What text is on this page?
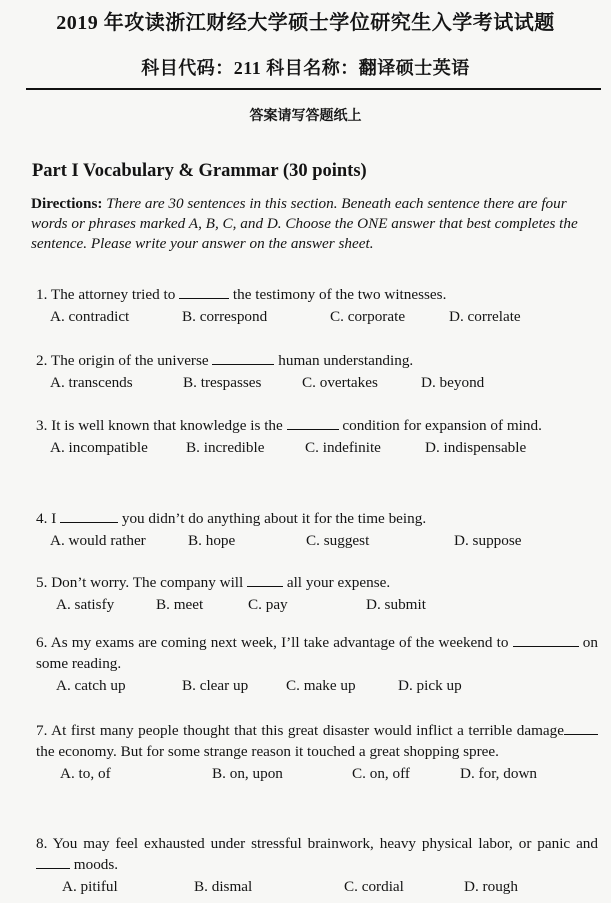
2019 年攻读浙江财经大学硕士学位研究生入学考试试题
科目代码：211 科目名称：翻译硕士英语
答案请写答题纸上
Part I Vocabulary & Grammar (30 points)
Directions: There are 30 sentences in this section. Beneath each sentence there are four words or phrases marked A, B, C, and D. Choose the ONE answer that best completes the sentence. Please write your answer on the answer sheet.
1. The attorney tried to	the testimony of the two witnesses.
A. contradict	B. correspond	C. corporate	D. correlate
2. The origin of the universe	human understanding.
A. transcends	B. trespasses	C. overtakes	D. beyond
3. It is well known that knowledge is the	condition for expansion of mind.
A. incompatible	B. incredible	C. indefinite	D. indispensable
4. I	you didn’t do anything about it for the time being.
A. would rather	B. hope	C. suggest	D. suppose
5. Don’t worry. The company will  all your expense.
A. satisfy	B. meet	C. pay	D. submit
6. As my exams are coming next week, I’ll take advantage of the weekend to	on some reading.
A. catch up	B. clear up C. make up	D. pick up
7. At first many people thought that this great disaster would inflict a terrible damage the economy. But for some strange reason it touched a great shopping spree.
A. to, of	B. on, upon	C. on, off	D. for, down
8. You may feel exhausted under stressful brainwork, heavy physical labor, or panic and  moods.
A. pitiful	B. dismal	C. cordial	D. rough
